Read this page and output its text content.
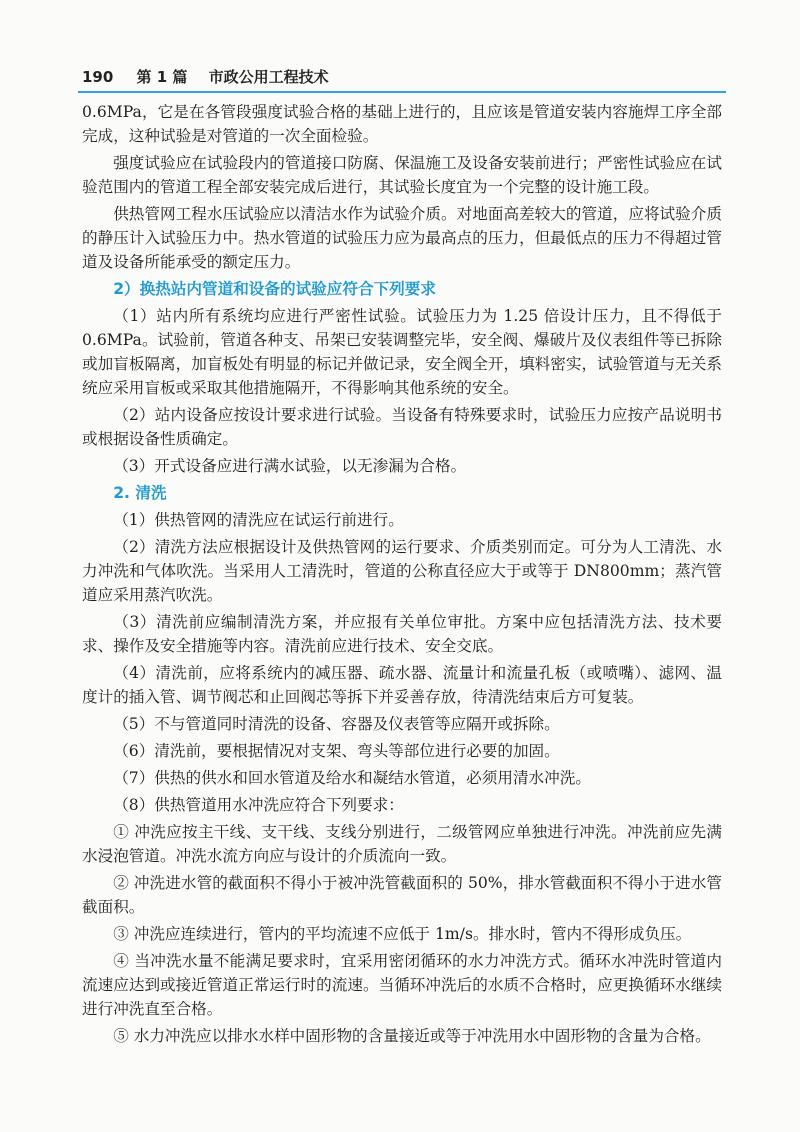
190 第 1 篇 市政公用工程技术

0.6MPa，它是在各管段强度试验合格的基础上进行的，且应该是管道安装内容施焊工序全部完成，这种试验是对管道的一次全面检验。

强度试验应在试验段内的管道接口防腐、保温施工及设备安装前进行；严密性试验应在试验范围内的管道工程全部安装完成后进行，其试验长度宜为一个完整的设计施工段。

供热管网工程水压试验应以清洁水作为试验介质。对地面高差较大的管道，应将试验介质的静压计入试验压力中。热水管道的试验压力应为最高点的压力，但最低点的压力不得超过管道及设备所能承受的额定压力。

2）换热站内管道和设备的试验应符合下列要求

（1）站内所有系统均应进行严密性试验。试验压力为 1.25 倍设计压力，且不得低于 0.6MPa。试验前，管道各种支、吊架已安装调整完毕，安全阀、爆破片及仪表组件等已拆除或加盲板隔离，加盲板处有明显的标记并做记录，安全阀全开，填料密实，试验管道与无关系统应采用盲板或采取其他措施隔开，不得影响其他系统的安全。

（2）站内设备应按设计要求进行试验。当设备有特殊要求时，试验压力应按产品说明书或根据设备性质确定。

（3）开式设备应进行满水试验，以无渗漏为合格。

2. 清洗

（1）供热管网的清洗应在试运行前进行。

（2）清洗方法应根据设计及供热管网的运行要求、介质类别而定。可分为人工清洗、水力冲洗和气体吹洗。当采用人工清洗时，管道的公称直径应大于或等于 DN800mm；蒸汽管道应采用蒸汽吹洗。

（3）清洗前应编制清洗方案，并应报有关单位审批。方案中应包括清洗方法、技术要求、操作及安全措施等内容。清洗前应进行技术、安全交底。

（4）清洗前，应将系统内的减压器、疏水器、流量计和流量孔板（或喷嘴）、滤网、温度计的插入管、调节阀芯和止回阀芯等拆下并妥善存放，待清洗结束后方可复装。

（5）不与管道同时清洗的设备、容器及仪表管等应隔开或拆除。

（6）清洗前，要根据情况对支架、弯头等部位进行必要的加固。

（7）供热的供水和回水管道及给水和凝结水管道，必须用清水冲洗。

（8）供热管道用水冲洗应符合下列要求：

① 冲洗应按主干线、支干线、支线分别进行，二级管网应单独进行冲洗。冲洗前应先满水浸泡管道。冲洗水流方向应与设计的介质流向一致。

② 冲洗进水管的截面积不得小于被冲洗管截面积的 50%，排水管截面积不得小于进水管截面积。

③ 冲洗应连续进行，管内的平均流速不应低于 1m/s。排水时，管内不得形成负压。

④ 当冲洗水量不能满足要求时，宜采用密闭循环的水力冲洗方式。循环水冲洗时管道内流速应达到或接近管道正常运行时的流速。当循环冲洗后的水质不合格时，应更换循环水继续进行冲洗直至合格。

⑤ 水力冲洗应以排水水样中固形物的含量接近或等于冲洗用水中固形物的含量为合格。
